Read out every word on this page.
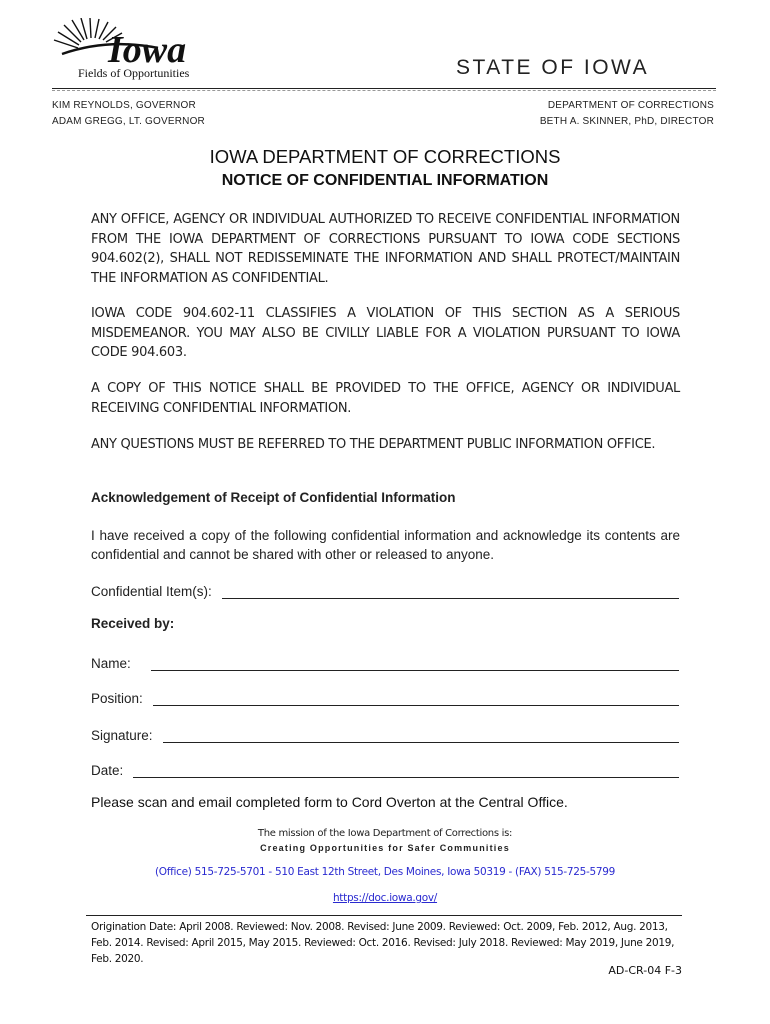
Iowa
Fields of Opportunities	STATE OF IOWA
KIM REYNOLDS, GOVERNOR
ADAM GREGG, LT. GOVERNOR
DEPARTMENT OF CORRECTIONS
BETH A. SKINNER, PhD, DIRECTOR
IOWA DEPARTMENT OF CORRECTIONS
NOTICE OF CONFIDENTIAL INFORMATION
ANY OFFICE, AGENCY OR INDIVIDUAL AUTHORIZED TO RECEIVE CONFIDENTIAL INFORMATION FROM THE IOWA DEPARTMENT OF CORRECTIONS PURSUANT TO IOWA CODE SECTIONS 904.602(2), SHALL NOT REDISSEMINATE THE INFORMATION AND SHALL PROTECT/MAINTAIN THE INFORMATION AS CONFIDENTIAL.
IOWA CODE 904.602-11 CLASSIFIES A VIOLATION OF THIS SECTION AS A SERIOUS MISDEMEANOR. YOU MAY ALSO BE CIVILLY LIABLE FOR A VIOLATION PURSUANT TO IOWA CODE 904.603.
A COPY OF THIS NOTICE SHALL BE PROVIDED TO THE OFFICE, AGENCY OR INDIVIDUAL RECEIVING CONFIDENTIAL INFORMATION.
ANY QUESTIONS MUST BE REFERRED TO THE DEPARTMENT PUBLIC INFORMATION OFFICE.
Acknowledgement of Receipt of Confidential Information
I have received a copy of the following confidential information and acknowledge its contents are confidential and cannot be shared with other or released to anyone.
Confidential Item(s):
Received by:
Name:
Position:
Signature:
Date:
Please scan and email completed form to Cord Overton at the Central Office.
The mission of the Iowa Department of Corrections is:
Creating Opportunities for Safer Communities
(Office) 515-725-5701 - 510 East 12th Street, Des Moines, Iowa 50319 - (FAX) 515-725-5799
https://doc.iowa.gov/
Origination Date: April 2008. Reviewed: Nov. 2008. Revised: June 2009. Reviewed: Oct. 2009, Feb. 2012, Aug. 2013, Feb. 2014. Revised: April 2015, May 2015. Reviewed: Oct. 2016. Revised: July 2018. Reviewed: May 2019, June 2019, Feb. 2020.
AD-CR-04 F-3
